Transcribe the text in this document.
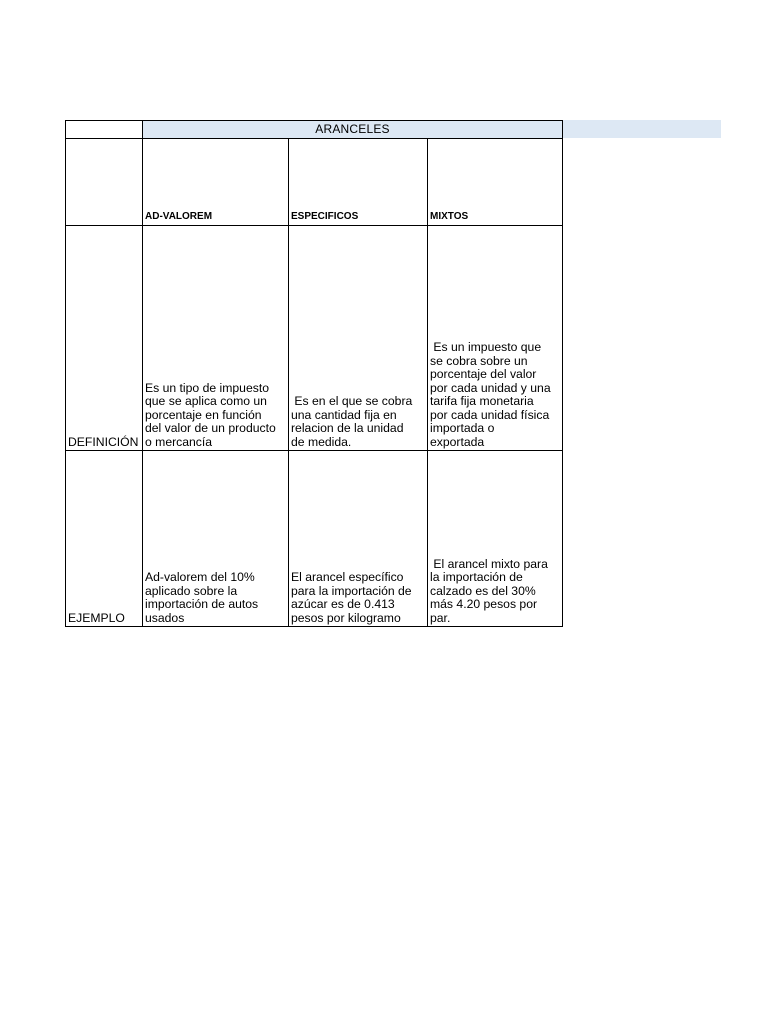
ARANCELES
AD-VALOREM	ESPECIFICOS	MIXTOS
DEFINICIÓN
Es un tipo de impuesto
que se aplica como un
porcentaje en función
del valor de un producto
o mercancía
Es en el que se cobra
una cantidad fija en
relacion de la unidad
de medida.
Es un impuesto que
se cobra sobre un
porcentaje del valor
por cada unidad y una
tarifa fija monetaria
por cada unidad física
importada o
exportada
EJEMPLO
Ad-valorem del 10%
aplicado sobre la
importación de autos
usados
El arancel específico
para la importación de
azúcar es de 0.413
pesos por kilogramo
El arancel mixto para
la importación de
calzado es del 30%
más 4.20 pesos por
par.
